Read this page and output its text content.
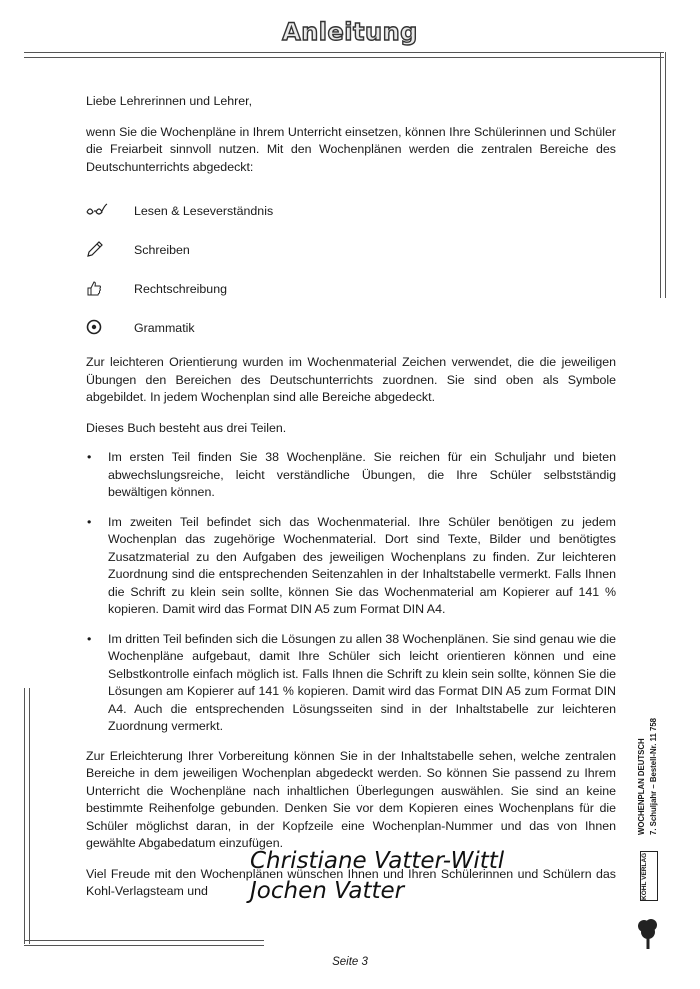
Anleitung

Liebe Lehrerinnen und Lehrer,

wenn Sie die Wochenpläne in Ihrem Unterricht einsetzen, können Ihre Schülerinnen und Schüler die Freiarbeit sinnvoll nutzen. Mit den Wochenplänen werden die zentralen Bereiche des Deutschunterrichts abgedeckt:

Lesen & Leseverständnis
Schreiben
Rechtschreibung
Grammatik

Zur leichteren Orientierung wurden im Wochenmaterial Zeichen verwendet, die die jeweiligen Übungen den Bereichen des Deutschunterrichts zuordnen. Sie sind oben als Symbole abgebildet. In jedem Wochenplan sind alle Bereiche abgedeckt.

Dieses Buch besteht aus drei Teilen.

• Im ersten Teil finden Sie 38 Wochenpläne. Sie reichen für ein Schuljahr und bieten abwechslungsreiche, leicht verständliche Übungen, die Ihre Schüler selbstständig bewältigen können.

• Im zweiten Teil befindet sich das Wochenmaterial. Ihre Schüler benötigen zu jedem Wochenplan das zugehörige Wochenmaterial. Dort sind Texte, Bilder und benötigtes Zusatzmaterial zu den Aufgaben des jeweiligen Wochenplans zu finden. Zur leichteren Zuordnung sind die entsprechenden Seitenzahlen in der Inhaltstabelle vermerkt. Falls Ihnen die Schrift zu klein sein sollte, können Sie das Wochenmaterial am Kopierer auf 141 % kopieren. Damit wird das Format DIN A5 zum Format DIN A4.

• Im dritten Teil befinden sich die Lösungen zu allen 38 Wochenplänen. Sie sind genau wie die Wochenpläne aufgebaut, damit Ihre Schüler sich leicht orientieren können und eine Selbstkontrolle einfach möglich ist. Falls Ihnen die Schrift zu klein sein sollte, können Sie die Lösungen am Kopierer auf 141 % kopieren. Damit wird das Format DIN A5 zum Format DIN A4. Auch die entsprechenden Lösungsseiten sind in der Inhaltstabelle zur leichteren Zuordnung vermerkt.

Zur Erleichterung Ihrer Vorbereitung können Sie in der Inhaltstabelle sehen, welche zentralen Bereiche in dem jeweiligen Wochenplan abgedeckt werden. So können Sie passend zu Ihrem Unterricht die Wochenpläne nach inhaltlichen Überlegungen auswählen. Sie sind an keine bestimmte Reihenfolge gebunden. Denken Sie vor dem Kopieren eines Wochenplans für die Schüler möglichst daran, in der Kopfzeile eine Wochenplan-Nummer und das von Ihnen gewählte Abgabedatum einzufügen.

Viel Freude mit den Wochenplänen wünschen Ihnen und Ihren Schülerinnen und Schülern das Kohl-Verlagsteam und

Christiane Vatter-Wittl
Jochen Vatter
Seite 3
WOCHENPLAN DEUTSCH 7. Schuljahr – Bestell-Nr. 11 758
KOHL VERLAG
